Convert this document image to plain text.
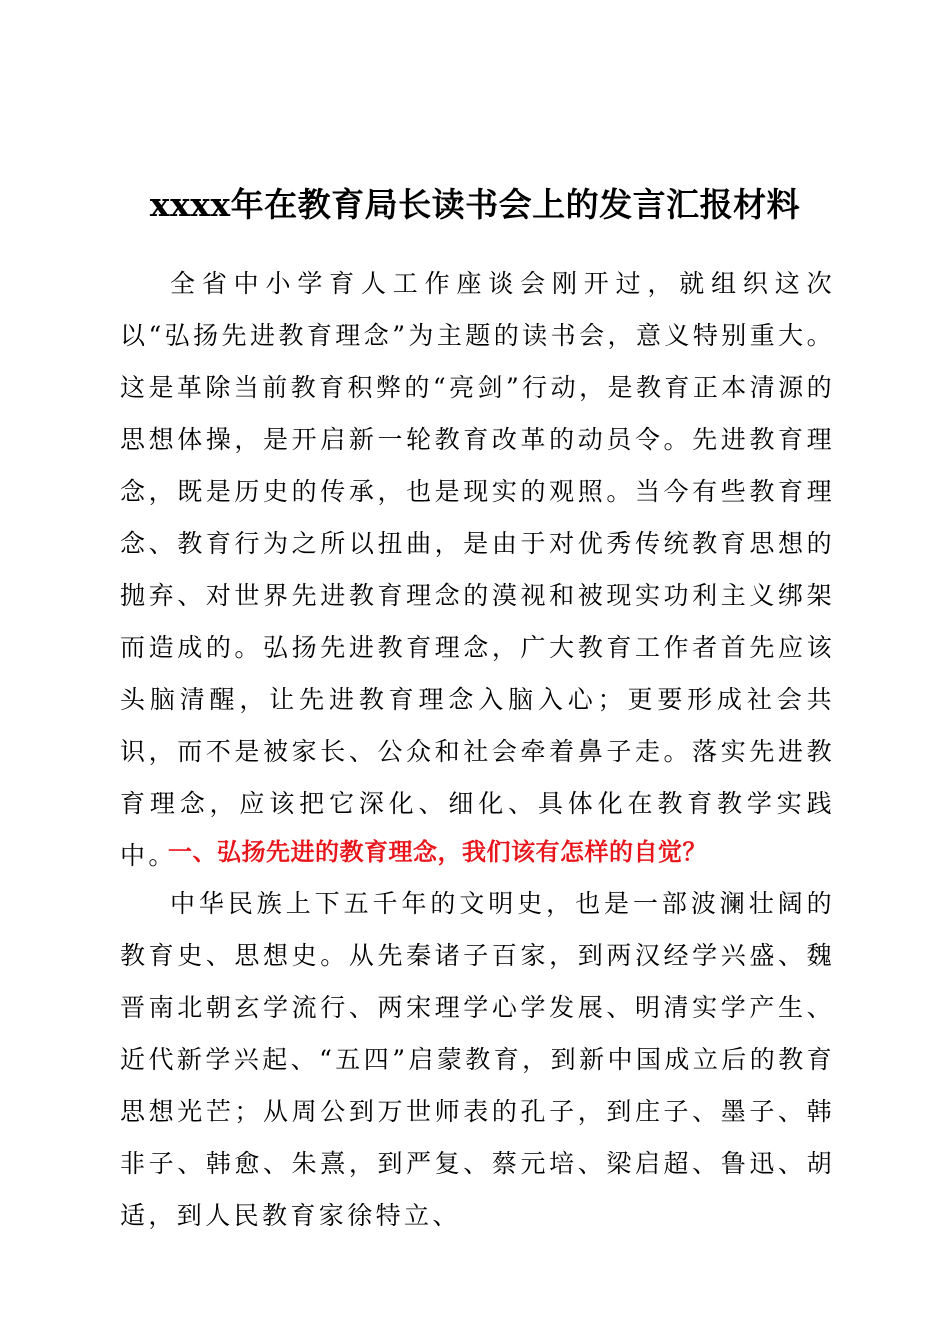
xxxx年在教育局长读书会上的发言汇报材料

全省中小学育人工作座谈会刚开过，就组织这次以“弘扬先进教育理念”为主题的读书会，意义特别重大。这是革除当前教育积弊的“亮剑”行动，是教育正本清源的思想体操，是开启新一轮教育改革的动员令。先进教育理念，既是历史的传承，也是现实的观照。当今有些教育理念、教育行为之所以扭曲，是由于对优秀传统教育思想的抛弃、对世界先进教育理念的漠视和被现实功利主义绑架而造成的。弘扬先进教育理念，广大教育工作者首先应该头脑清醒，让先进教育理念入脑入心；更要形成社会共识，而不是被家长、公众和社会牵着鼻子走。落实先进教育理念，应该把它深化、细化、具体化在教育教学实践中。

一、弘扬先进的教育理念，我们该有怎样的自觉？

中华民族上下五千年的文明史，也是一部波澜壮阔的教育史、思想史。从先秦诸子百家，到两汉经学兴盛、魏晋南北朝玄学流行、两宋理学心学发展、明清实学产生、近代新学兴起、“五四”启蒙教育，到新中国成立后的教育思想光芒；从周公到万世师表的孔子，到庄子、墨子、韩非子、韩愈、朱熹，到严复、蔡元培、梁启超、鲁迅、胡适，到人民教育家徐特立、
